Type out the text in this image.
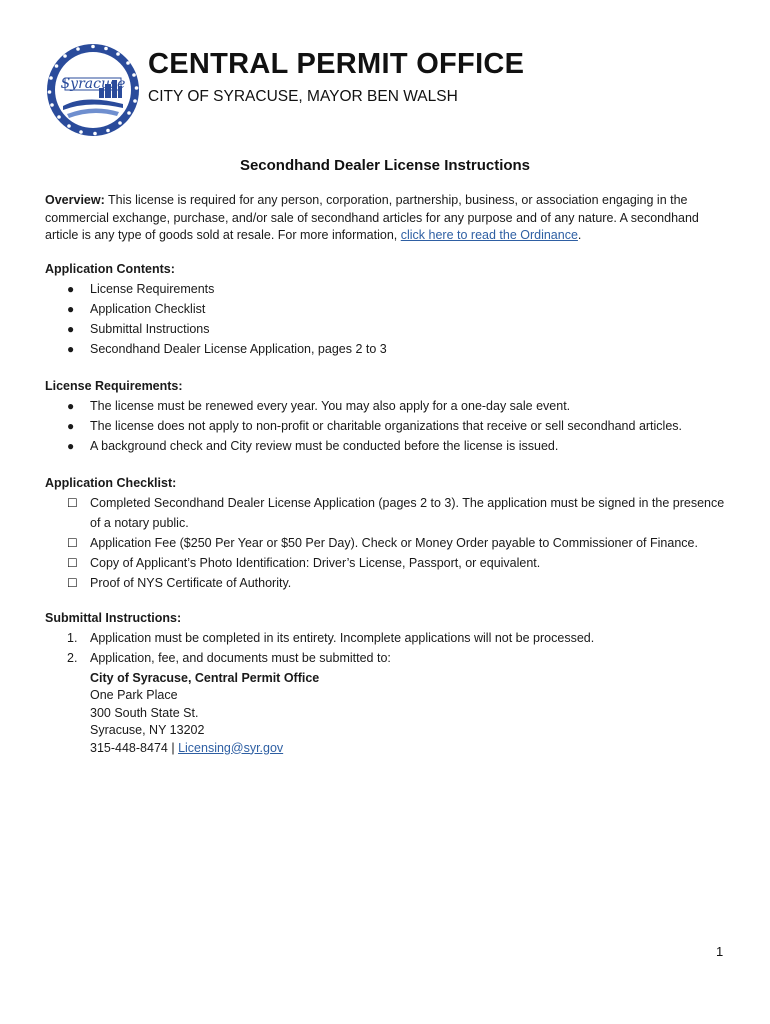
Syracuse
CENTRAL PERMIT OFFICE
CITY OF SYRACUSE, MAYOR BEN WALSH
Secondhand Dealer License Instructions
Overview: This license is required for any person, corporation, partnership, business, or association engaging in the commercial exchange, purchase, and/or sale of secondhand articles for any purpose and of any nature. A secondhand article is any type of goods sold at resale. For more information, click here to read the Ordinance.
Application Contents:
● License Requirements
● Application Checklist
● Submittal Instructions
● Secondhand Dealer License Application, pages 2 to 3
License Requirements:
● The license must be renewed every year. You may also apply for a one-day sale event.
● The license does not apply to non-profit or charitable organizations that receive or sell secondhand articles.
● A background check and City review must be conducted before the license is issued.
Application Checklist:
☐ Completed Secondhand Dealer License Application (pages 2 to 3). The application must be signed in the presence of a notary public.
☐ Application Fee ($250 Per Year or $50 Per Day). Check or Money Order payable to Commissioner of Finance.
☐ Copy of Applicant’s Photo Identification: Driver’s License, Passport, or equivalent.
☐ Proof of NYS Certificate of Authority.
Submittal Instructions:
1. Application must be completed in its entirety. Incomplete applications will not be processed.
2. Application, fee, and documents must be submitted to:
City of Syracuse, Central Permit Office
One Park Place
300 South State St.
Syracuse, NY 13202
315-448-8474 | Licensing@syr.gov
1
